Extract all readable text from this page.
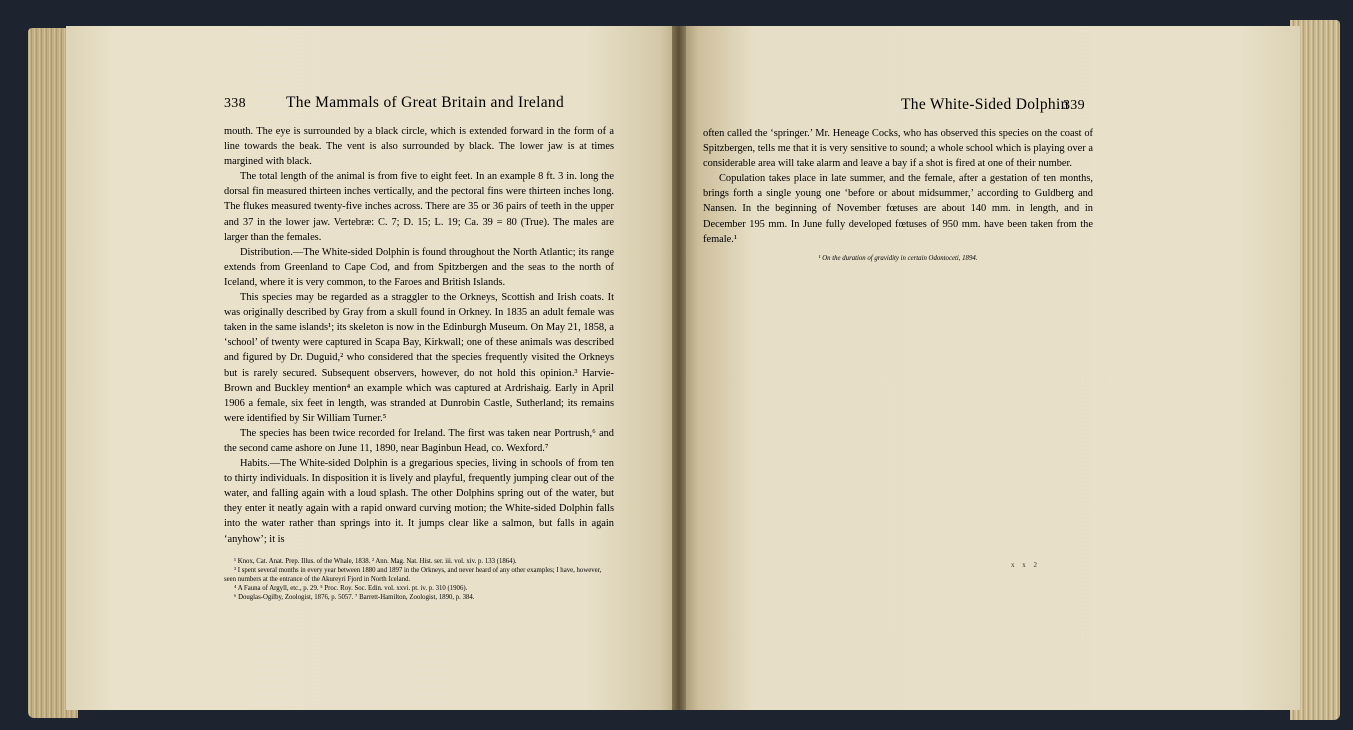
338	The Mammals of Great Britain and Ireland

mouth. The eye is surrounded by a black circle, which is extended forward in the form of a line towards the beak. The vent is also surrounded by black. The lower jaw is at times margined with black.

The total length of the animal is from five to eight feet. In an example 8 ft. 3 in. long the dorsal fin measured thirteen inches vertically, and the pectoral fins were thirteen inches long. The flukes measured twenty-five inches across. There are 35 or 36 pairs of teeth in the upper and 37 in the lower jaw. Vertebræ: C. 7; D. 15; L. 19; Ca. 39 = 80 (True). The males are larger than the females.

Distribution.—The White-sided Dolphin is found throughout the North Atlantic; its range extends from Greenland to Cape Cod, and from Spitzbergen and the seas to the north of Iceland, where it is very common, to the Faroes and British Islands.

This species may be regarded as a straggler to the Orkneys, Scottish and Irish coats. It was originally described by Gray from a skull found in Orkney. In 1835 an adult female was taken in the same islands¹; its skeleton is now in the Edinburgh Museum. On May 21, 1858, a ‘school’ of twenty were captured in Scapa Bay, Kirkwall; one of these animals was described and figured by Dr. Duguid,² who considered that the species frequently visited the Orkneys but is rarely secured. Subsequent observers, however, do not hold this opinion.³ Harvie-Brown and Buckley mention⁴ an example which was captured at Ardrishaig. Early in April 1906 a female, six feet in length, was stranded at Dunrobin Castle, Sutherland; its remains were identified by Sir William Turner.⁵

The species has been twice recorded for Ireland. The first was taken near Portrush,⁶ and the second came ashore on June 11, 1890, near Baginbun Head, co. Wexford.⁷

Habits.—The White-sided Dolphin is a gregarious species, living in schools of from ten to thirty individuals. In disposition it is lively and playful, frequently jumping clear out of the water, and falling again with a loud splash. The other Dolphins spring out of the water, but they enter it neatly again with a rapid onward curving motion; the White-sided Dolphin falls into the water rather than springs into it. It jumps clear like a salmon, but falls in again ‘anyhow’; it is

¹ Knox, Cat. Anat. Prep. Illus. of the Whale, 1838. ² Ann. Mag. Nat. Hist. ser. iii. vol. xiv. p. 133 (1864).

³ I spent several months in every year between 1880 and 1897 in the Orkneys, and never heard of any other examples; I have, however, seen numbers at the entrance of the Akureyri Fjord in North Iceland.

⁴ A Fauna of Argyll, etc., p. 29. ⁵ Proc. Roy. Soc. Edin. vol. xxvi. pt. iv. p. 310 (1906).

⁶ Douglas-Ogilby, Zoologist, 1876, p. 5057. ⁷ Barrett-Hamilton, Zoologist, 1890, p. 384.

The White-Sided Dolphin
339

often called the ‘springer.’ Mr. Heneage Cocks, who has observed this species on the coast of Spitzbergen, tells me that it is very sensitive to sound; a whole school which is playing over a considerable area will take alarm and leave a bay if a shot is fired at one of their number.

Copulation takes place in late summer, and the female, after a gestation of ten months, brings forth a single young one ‘before or about midsummer,’ according to Guldberg and Nansen. In the beginning of November fœtuses are about 140 mm. in length, and in December 195 mm. In June fully developed fœtuses of 950 mm. have been taken from the female.¹

¹ On the duration of gravidity in certain Odontoceti, 1894.
x x 2
